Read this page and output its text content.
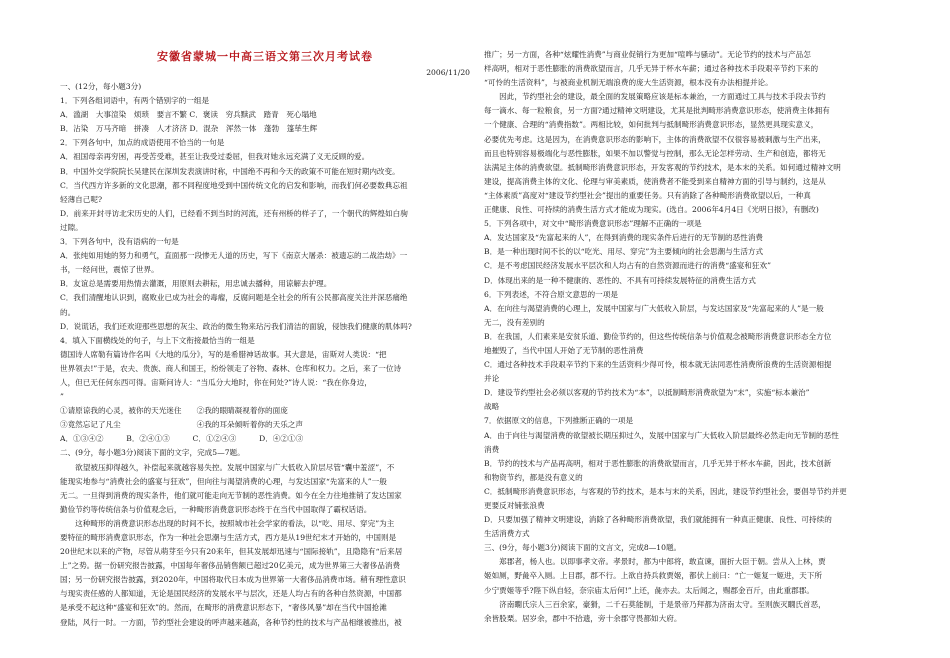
安徽省蒙城一中高三语文第三次月考试卷
2006/11/20
一、(12分，每小题3分)
1．下列各组词语中，有两个错别字的一组是
A．滥湖　大事渲染　烦琐　要言不繁 C．褒读　穷兵黩武　踏青　死心塌地
B．沾染　万马齐暗　拼凑　人才济济 D．混杂　浑然一体　蓬勃　篷荜生辉
2．下列各句中，加点的成语使用不恰当的一句是
A．祖国母亲再穷困，再受苦受难，甚至让我受过委屈，但我对她永远充满了义无反顾的爱。
B．中国外交学院院长吴建民在深圳发表演讲时称，中国绝不再和今天的政策不可能在短时期内改变。
C．当代西方许多新的文化思潮，都不同程度地受到中国传统文化的启发和影响，而我们何必要数典忘祖
轻薄自己呢?
D．前来开封寻访北宋历史的人们，已经看不到当时的河流，还有州桥的样子了，一个朝代的辉煌如白驹
过隙。
3．下列各句中，没有语病的一句是
A．张纯如用她的努力和勇气，直面那一段惨无人道的历史，写下《南京大屠杀：被遗忘的二战浩劫》一
书，一经问世，震惊了世界。
B．友谊总是需要用热情去灌溉，用原则去耕耘，用忠诚去播种，用谅解去护理。
C．我们清醒地认识到，腐败业已成为社会的毒瘤，反腐问题是全社会的所有公民都高度关注并深恶痛绝
的。
D．说谎话，我们还欢迎那些思想的灰尘、政治的微生物来玷污我们清洁的面貌，侵蚀我们健康的肌体吗?
4．填入下面横线处的句子，与上下文衔接最恰当的一组是
德国诗人席勒有篇诗作名叫《大地的瓜分》，写的是希腊神话故事。其大意是，宙斯对人类说：“把
世界领去!”于是，农夫、贵族、商人和国王，纷纷领走了谷物、森林、仓库和权力。之后，来了一位诗
人，但已无任何东西可得。宙斯问诗人：“当瓜分大地时，你在何处?”诗人说：“我在你身边，
”
①请原谅我的心灵，被你的天光迷住　　②我的眼睛凝视着你的面庞
③竟然忘记了凡尘　　　　　　　　　　④我的耳朵倾听着你的天乐之声
A．①③④②　　　B．②④①③　　　C．①②④③　　　D．④②①③
二、(9分，每小题3分)阅读下面的文字，完成5—7题。
　　欲望被压抑得越久，补偿起来就越容易失控。发展中国家与广大低收入阶层尽管“囊中羞涩”，不
能现实地参与“消费社会的盛宴与狂欢”，但向往与渴望消费的心理，与发达国家“先富来的人”一般
无二。一旦得到消费的现实条件，他们就可能走向无节制的恶性消费。如今在全力往地推销了发达国家
勤俭节约等传统信条与价值观念后，一种畸形消费意识形态终于在当代中国取得了霸权话语。
　　这种畸形的消费意识形态出现的时间不长，按照城市社会学家的看法，以“吃、用尽、穿完”为主
要特征的畸形消费意识形态，作为一种社会思潮与生活方式，西方是从19世纪末才开始的，中国则是
20世纪末以来的产物，尽管从萌芽至今只有20来年，但其发展却迅速与“国际接轨”，且隐隐有“后来居
上”之势。据一份研究报告披露，中国每年奢侈品销售额已超过20亿美元，成为世界第三大奢侈品消费
国；另一份研究报告披露，到2020年，中国将取代日本成为世界第一大奢侈品消费市场。稍有理性意识
与现实责任感的人都知道，无论是国民经济的发展水平与层次，还是人均占有的各种自然资源，中国都
是承受不起这种“盛宴和狂欢”的。然而，在畸形的消费意识形态下，“奢侈风暴”却在当代中国抢滩
登陆，风行一时。一方面，节约型社会建设的呼声越来越高，各种节约性的技术与产品相继被推出，被
推广；另一方面，各种“炫耀性消费”与商业促销行为更加“喧哗与骚动”。无论节约的技术与产品怎
样高明，相对于恶性膨胀的消费欲望而言，几乎无异于杯水车薪；通过各种技术手段艰辛节约下来的
“可怜的生活资料”，与被商业机制无端浪费的庞大生活资源，根本没有办法相提并论。
　　因此，节约型社会的建设，最全面的发展策略应该是标本兼治，一方面通过工具与技术手段去节约
每一滴水、每一粒粮食，另一方面?通过精神文明建设，尤其是批判畸形消费意识形态，使消费主体拥有
一个健康、合理的“消费指数”。两相比较，如何批判与抵制畸形消费意识形态，显然更具现实意义，
必要优先考虑。这是因为，在消费意识形态的影响下，主体的消费欲望不仅很容易被刺激与生产出来，
而且也特别容易极端化与恶性膨胀，如果不加以警觉与控制，那么无论怎样劳动、生产和创造，都将无
法满足主体的消费欲望。抵制畸形消费意识形态，开发客观的节约技术，是本末的关系。如何通过精神文明
建设，提高消费主体的文化、伦理与审美素质，使消费者不能受到来自精神方面的引导与制约，这是从
“主体素质”高度对“建设节约型社会”提出的重要任务。只有消除了各种畸形消费欲望以后，一种真
正健康、良性、可持续的消费生活方式才能成为现实。(选自。2006年4月4日《光明日报》，有删改)
5．下列各项中，对文中“畸形消费意识形态”理解不正确的一项是
A．发达国家及“先富起来的人”，在得到消费的现实条件后进行的无节制的恶性消费
B．是一种出现时间不长的以“吃光、用尽、穿完”为主要倾向的社会思潮与生活方式
C．是不考虑国民经济发展水平层次和人均占有的自然资源而进行的消费“盛宴和狂欢”
D．体现出来的是一种不健康的、恶性的、不具有可持续发展特征的消费生活方式
6．下列表述，不符合原文意思的一项是
A．在向往与渴望消费的心理上，发展中国家与广大低收入阶层，与发达国家及“先富起来的人”是一般
无二，没有差别的
B．在我国，人们素来是安贫乐道、勤俭节约的，但这些传统信条与价值观念被畸形消费意识形态全方位
地摧毁了，当代中国人开始了无节制的恶性消费
C．通过各种技术手段艰辛节约下来的生活资料少得可怜，根本就无法同恶性消费所浪费的生活资源相提
并论
D．建设节约型社会必须以客观的节约技术为“本”，以抵制畸形消费欲望为“末”，实施“标本兼治”
战略
7．依据原文的信息，下列推断正确的一项是
A．由于向往与渴望消费的欲望被长期压抑过久，发展中国家与广大低收入阶层最终必然走向无节制的恶性
消费
B．节约的技术与产品再高明，相对于恶性膨胀的消费欲望而言，几乎无异于杯水车薪，因此，技术创新
和物资节约，都是没有意义的
C．抵制畸形消费意识形态，与客观的节约技术，是本与末的关系，因此，建设节约型社会，要倡导节约并更
更要反对铺张浪费
D．只要加强了精神文明建设，消除了各种畸形消费欲望，我们就能拥有一种真正健康、良性、可持续的
生活消费方式
三、(9分，每小题3分)阅读下面的文言文，完成8—10题。
　　郑郡者，杨人也。以即事孝文帝。孝景时，都为中郎将，敢直谏，面折大臣于朝。尝从入上林，贾
姬如厕，野彘卒入厕。上目郡，郡不行。上欲自持兵救贾姬，都伏上前曰：“亡一姬复一姬进，天下所
少宁贾姬等乎?陛下纵自轻，奈宗庙太后何!”上还，彘亦去。太后闻之，赐郡金百斤，由此重郡郡。
　　济南瞯氏宗人三百余家，豪猾，二千石莫能制，于是景帝乃拜都为济南太守。至则族灭瞯氏首恶，
余皆股栗。居岁余，郡中不拾遗，旁十余郡守畏都如大府。
